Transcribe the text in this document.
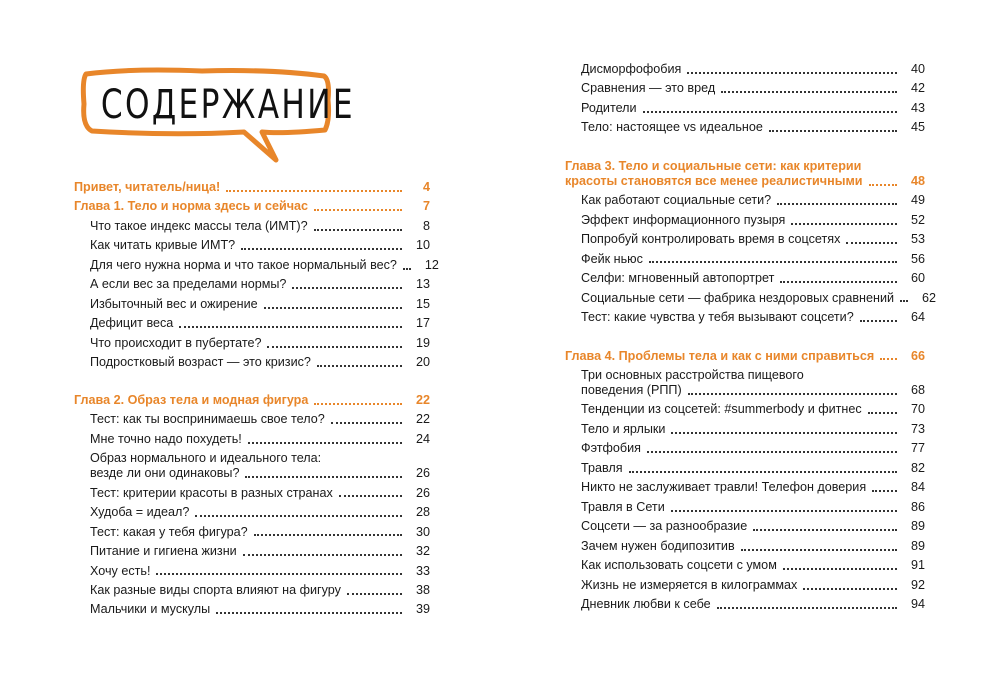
СОДЕРЖАНИЕ
Привет, читатель/ница!	4
Глава 1. Тело и норма здесь и сейчас	7
Что такое индекс массы тела (ИМТ)?	8
Как читать кривые ИМТ?	10
Для чего нужна норма и что такое нормальный вес?	12
А если вес за пределами нормы?	13
Избыточный вес и ожирение	15
Дефицит веса	17
Что происходит в пубертате?	19
Подростковый возраст — это кризис?	20
Глава 2. Образ тела и модная фигура	22
Тест: как ты воспринимаешь свое тело?	22
Мне точно надо похудеть!	24
Образ нормального и идеального тела:
везде ли они одинаковы?	26
Тест: критерии красоты в разных странах	26
Худоба = идеал?	28
Тест: какая у тебя фигура?	30
Питание и гигиена жизни	32
Хочу есть!	33
Как разные виды спорта влияют на фигуру	38
Мальчики и мускулы	39
Дисморфофобия	40
Сравнения — это вред	42
Родители	43
Тело: настоящее vs идеальное	45
Глава 3. Тело и социальные сети: как критерии
красоты становятся все менее реалистичными	48
Как работают социальные сети?	49
Эффект информационного пузыря	52
Попробуй контролировать время в соцсетях	53
Фейк ньюс	56
Селфи: мгновенный автопортрет	60
Социальные сети — фабрика нездоровых сравнений	62
Тест: какие чувства у тебя вызывают соцсети?	64
Глава 4. Проблемы тела и как с ними справиться	66
Три основных расстройства пищевого
поведения (РПП)	68
Тенденции из соцсетей: #summerbody и фитнес	70
Тело и ярлыки	73
Фэтфобия	77
Травля	82
Никто не заслуживает травли! Телефон доверия	84
Травля в Сети	86
Соцсети — за разнообразие	89
Зачем нужен бодипозитив	89
Как использовать соцсети с умом	91
Жизнь не измеряется в килограммах	92
Дневник любви к себе	94
